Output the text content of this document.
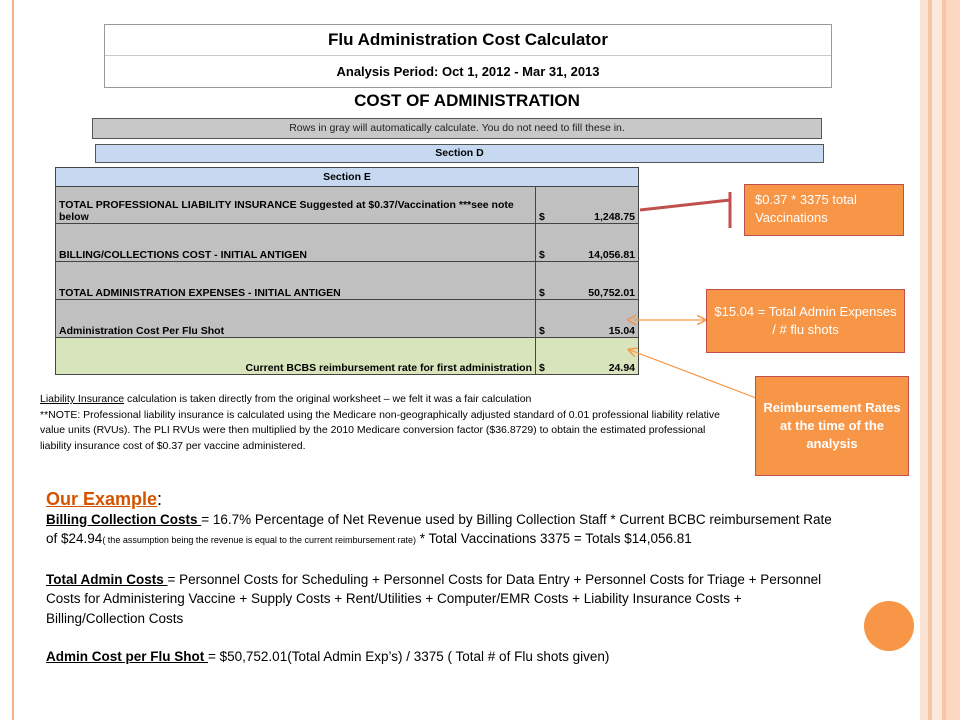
Flu Administration Cost Calculator
Analysis Period: Oct 1, 2012 - Mar 31, 2013
COST OF ADMINISTRATION
Rows in gray will automatically calculate. You do not need to fill these in.
Section D
Section E	
TOTAL PROFESSIONAL LIABILITY INSURANCE Suggested at $0.37/Vaccination ***see note below	$ 1,248.75

BILLING/COLLECTIONS COST - INITIAL ANTIGEN	$ 14,056.81

TOTAL ADMINISTRATION EXPENSES - INITIAL ANTIGEN	$ 50,752.01

Administration Cost Per Flu Shot	$ 15.04

Current BCBS reimbursement rate for first administration	$ 24.94
Liability Insurance calculation is taken directly from the original worksheet – we felt it was a fair calculation
**NOTE: Professional liability insurance is calculated using the Medicare non-geographically adjusted standard of 0.01 professional liability relative value units (RVUs). The PLI RVUs were then multiplied by the 2010 Medicare conversion factor ($36.8729) to obtain the estimated professional liability insurance cost of $0.37 per vaccine administered.
$0.37 * 3375 total Vaccinations
$15.04 = Total Admin Expenses / # flu shots
Reimbursement Rates at the time of the analysis
Our Example:

Billing Collection Costs = 16.7% Percentage of Net Revenue used by Billing Collection Staff * Current BCBC reimbursement Rate of $24.94( the assumption being the revenue is equal to the current reimbursement rate) * Total Vaccinations 3375 = Totals $14,056.81

Total Admin Costs = Personnel Costs for Scheduling + Personnel Costs for Data Entry + Personnel Costs for Triage + Personnel Costs for Administering Vaccine + Supply Costs + Rent/Utilities + Computer/EMR Costs + Liability Insurance Costs + Billing/Collection Costs

Admin Cost per Flu Shot = $50,752.01(Total Admin Exp’s) / 3375 ( Total # of Flu shots given)
